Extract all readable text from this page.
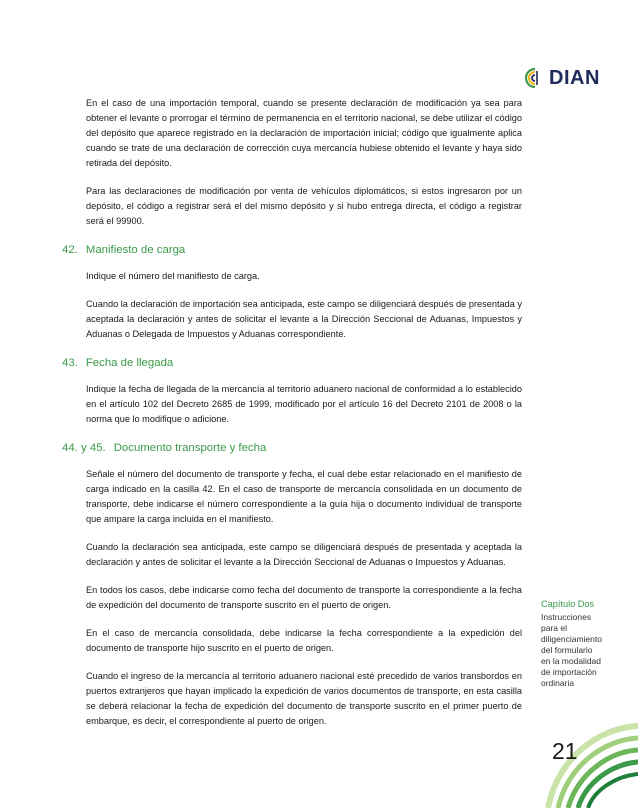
DIAN

En el caso de una importación temporal, cuando se presente declaración de modificación ya sea para obtener el levante o prorrogar el término de permanencia en el territorio nacional, se debe utilizar el código del depósito que aparece registrado en la declaración de importación inicial; código que igualmente aplica cuando se trate de una declaración de corrección cuya mercancía hubiese obtenido el levante y haya sido retirada del depósito.

Para las declaraciones de modificación por venta de vehículos diplomáticos, si estos ingresaron por un depósito, el código a registrar será el del mismo depósito y si hubo entrega directa, el código a registrar será el 99900.

42. Manifiesto de carga

Indique el número del manifiesto de carga.

Cuando la declaración de importación sea anticipada, este campo se diligenciará después de presentada y aceptada la declaración y antes de solicitar el levante a la Dirección Seccional de Aduanas, Impuestos y Aduanas o Delegada de Impuestos y Aduanas correspondiente.

43. Fecha de llegada

Indique la fecha de llegada de la mercancía al territorio aduanero nacional de conformidad a lo establecido en el artículo 102 del Decreto 2685 de 1999, modificado por el artículo 16 del Decreto 2101 de 2008 o la norma que lo modifique o adicione.

44. y 45. Documento transporte y fecha

Señale el número del documento de transporte y fecha, el cual debe estar relacionado en el manifiesto de carga indicado en la casilla 42. En el caso de transporte de mercancía consolidada en un documento de transporte, debe indicarse el número correspondiente a la guía hija o documento individual de transporte que ampare la carga incluida en el manifiesto.

Cuando la declaración sea anticipada, este campo se diligenciará después de presentada y aceptada la declaración y antes de solicitar el levante a la Dirección Seccional de Aduanas o Impuestos y Aduanas.

En todos los casos, debe indicarse como fecha del documento de transporte la correspondiente a la fecha de expedición del documento de transporte suscrito en el puerto de origen.

En el caso de mercancía consolidada, debe indicarse la fecha correspondiente a la expedición del documento de transporte hijo suscrito en el puerto de origen.

Cuando el ingreso de la mercancía al territorio aduanero nacional esté precedido de varios transbordos en puertos extranjeros que hayan implicado la expedición de varios documentos de transporte, en esta casilla se deberá relacionar la fecha de expedición del documento de transporte suscrito en el primer puerto de embarque, es decir, el correspondiente al puerto de origen.

Capítulo Dos
Instrucciones
para el
diligenciamiento
del formulario
en la modalidad
de importación
ordinaria
21
